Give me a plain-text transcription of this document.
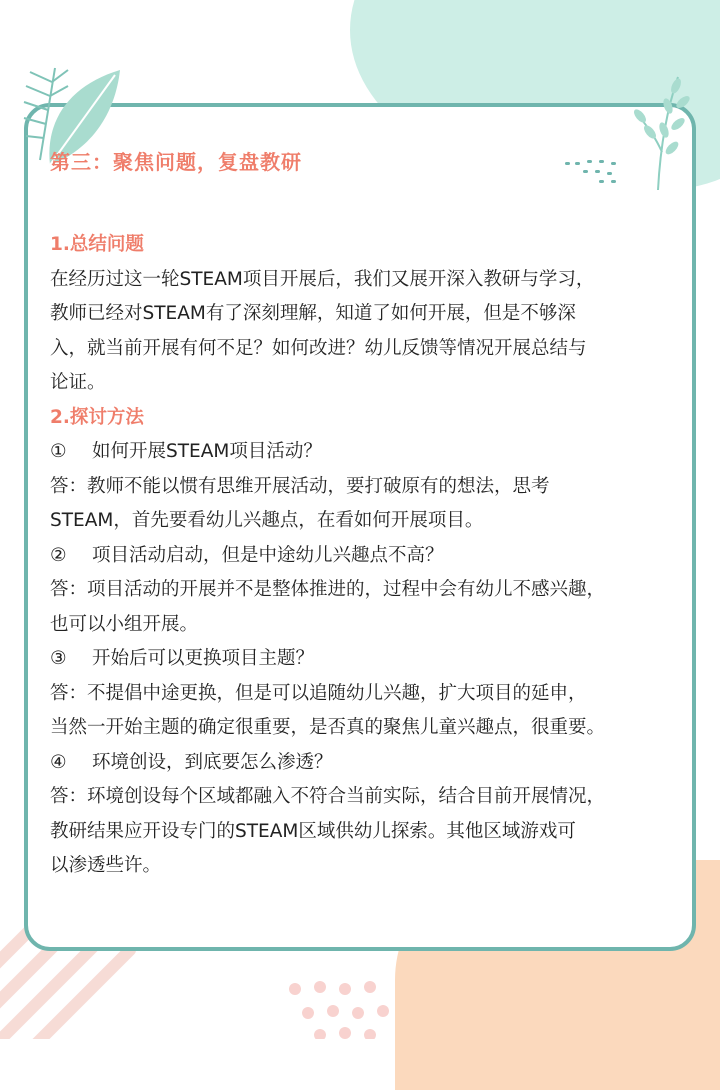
第三：聚焦问题，复盘教研

1.总结问题

在经历过这一轮STEAM项目开展后，我们又展开深入教研与学习，

教师已经对STEAM有了深刻理解，知道了如何开展，但是不够深

入，就当前开展有何不足？如何改进？幼儿反馈等情况开展总结与

论证。

2.探讨方法

① 如何开展STEAM项目活动？

答：教师不能以惯有思维开展活动，要打破原有的想法，思考

STEAM，首先要看幼儿兴趣点，在看如何开展项目。

② 项目活动启动，但是中途幼儿兴趣点不高？

答：项目活动的开展并不是整体推进的，过程中会有幼儿不感兴趣，

也可以小组开展。

③ 开始后可以更换项目主题？

答：不提倡中途更换，但是可以追随幼儿兴趣，扩大项目的延申，

当然一开始主题的确定很重要，是否真的聚焦儿童兴趣点，很重要。

④ 环境创设，到底要怎么渗透？

答：环境创设每个区域都融入不符合当前实际，结合目前开展情况，

教研结果应开设专门的STEAM区域供幼儿探索。其他区域游戏可

以渗透些许。
